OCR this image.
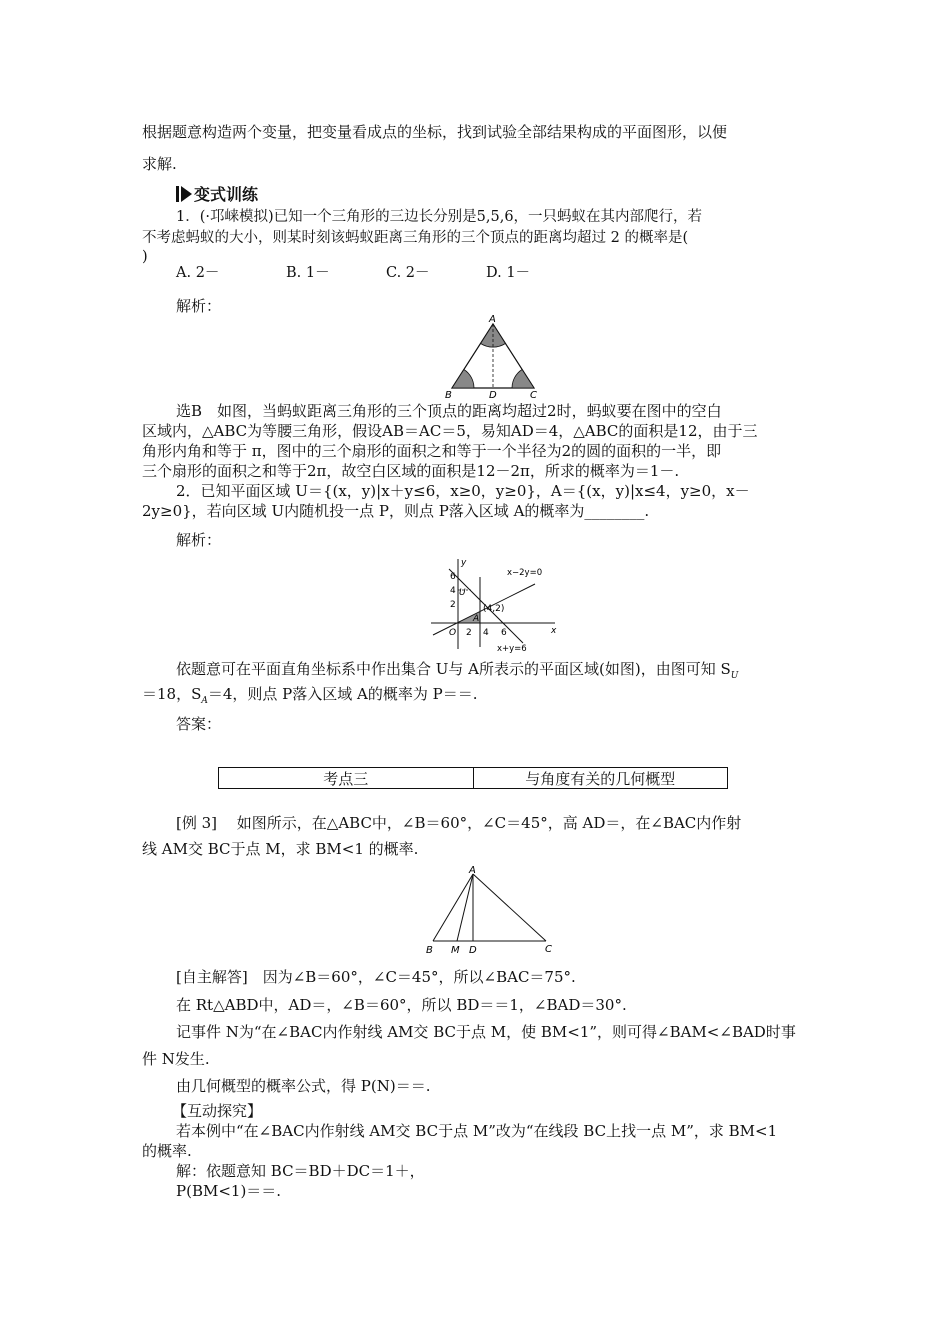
根据题意构造两个变量，把变量看成点的坐标，找到试验全部结果构成的平面图形，以便
求解.
变式训练
1．(·邛崃模拟)已知一个三角形的三边长分别是5,5,6，一只蚂蚁在其内部爬行，若
不考虑蚂蚁的大小，则某时刻该蚂蚁距离三角形的三个顶点的距离均超过 2 的概率是(
)
A. 2－	B. 1－	C. 2－	D. 1－
解析：
A
B	D	C
选B　如图，当蚂蚁距离三角形的三个顶点的距离均超过2时，蚂蚁要在图中的空白
区域内，△ABC为等腰三角形，假设AB＝AC＝5，易知AD＝4，△ABC的面积是12，由于三
角形内角和等于 π，图中的三个扇形的面积之和等于一个半径为2的圆的面积的一半，即
三个扇形的面积之和等于2π，故空白区域的面积是12－2π，所求的概率为＝1－.
2．已知平面区域 U＝{(x，y)|x＋y≤6，x≥0，y≥0}，A＝{(x，y)|x≤4，y≥0，x－
2y≥0}，若向区域 U内随机投一点 P，则点 P落入区域 A的概率为________.
解析：
y
x
O
6
4
2
2 4 6
U
A
(4,2)
x−2y=0
x+y=6
依题意可在平面直角坐标系中作出集合 U与 A所表示的平面区域(如图)，由图可知 $S_U$
＝18，$S_A=4$，则点 P落入区域 A的概率为 P＝＝.
答案：
考点三	与角度有关的几何概型
[例 3]　 如图所示，在△ABC中，∠B＝60°，∠C＝45°，高 AD＝，在∠BAC内作射
线 AM交 BC于点 M，求 BM<1 的概率.
A
B M D	C
[自主解答]　因为∠B＝60°，∠C＝45°，所以∠BAC＝75°.
在 Rt△ABD中，AD＝，∠B＝60°，所以 BD＝＝1，∠BAD＝30°.
记事件 N为“在∠BAC内作射线 AM交 BC于点 M，使 BM<1”，则可得∠BAM<∠BAD时事
件 N发生.
由几何概型的概率公式，得 P(N)＝＝.
【互动探究】
若本例中“在∠BAC内作射线 AM交 BC于点 M”改为“在线段 BC上找一点 M”，求 BM<1
的概率.
解：依题意知 BC＝BD＋DC＝1＋，
P(BM<1)＝＝.
